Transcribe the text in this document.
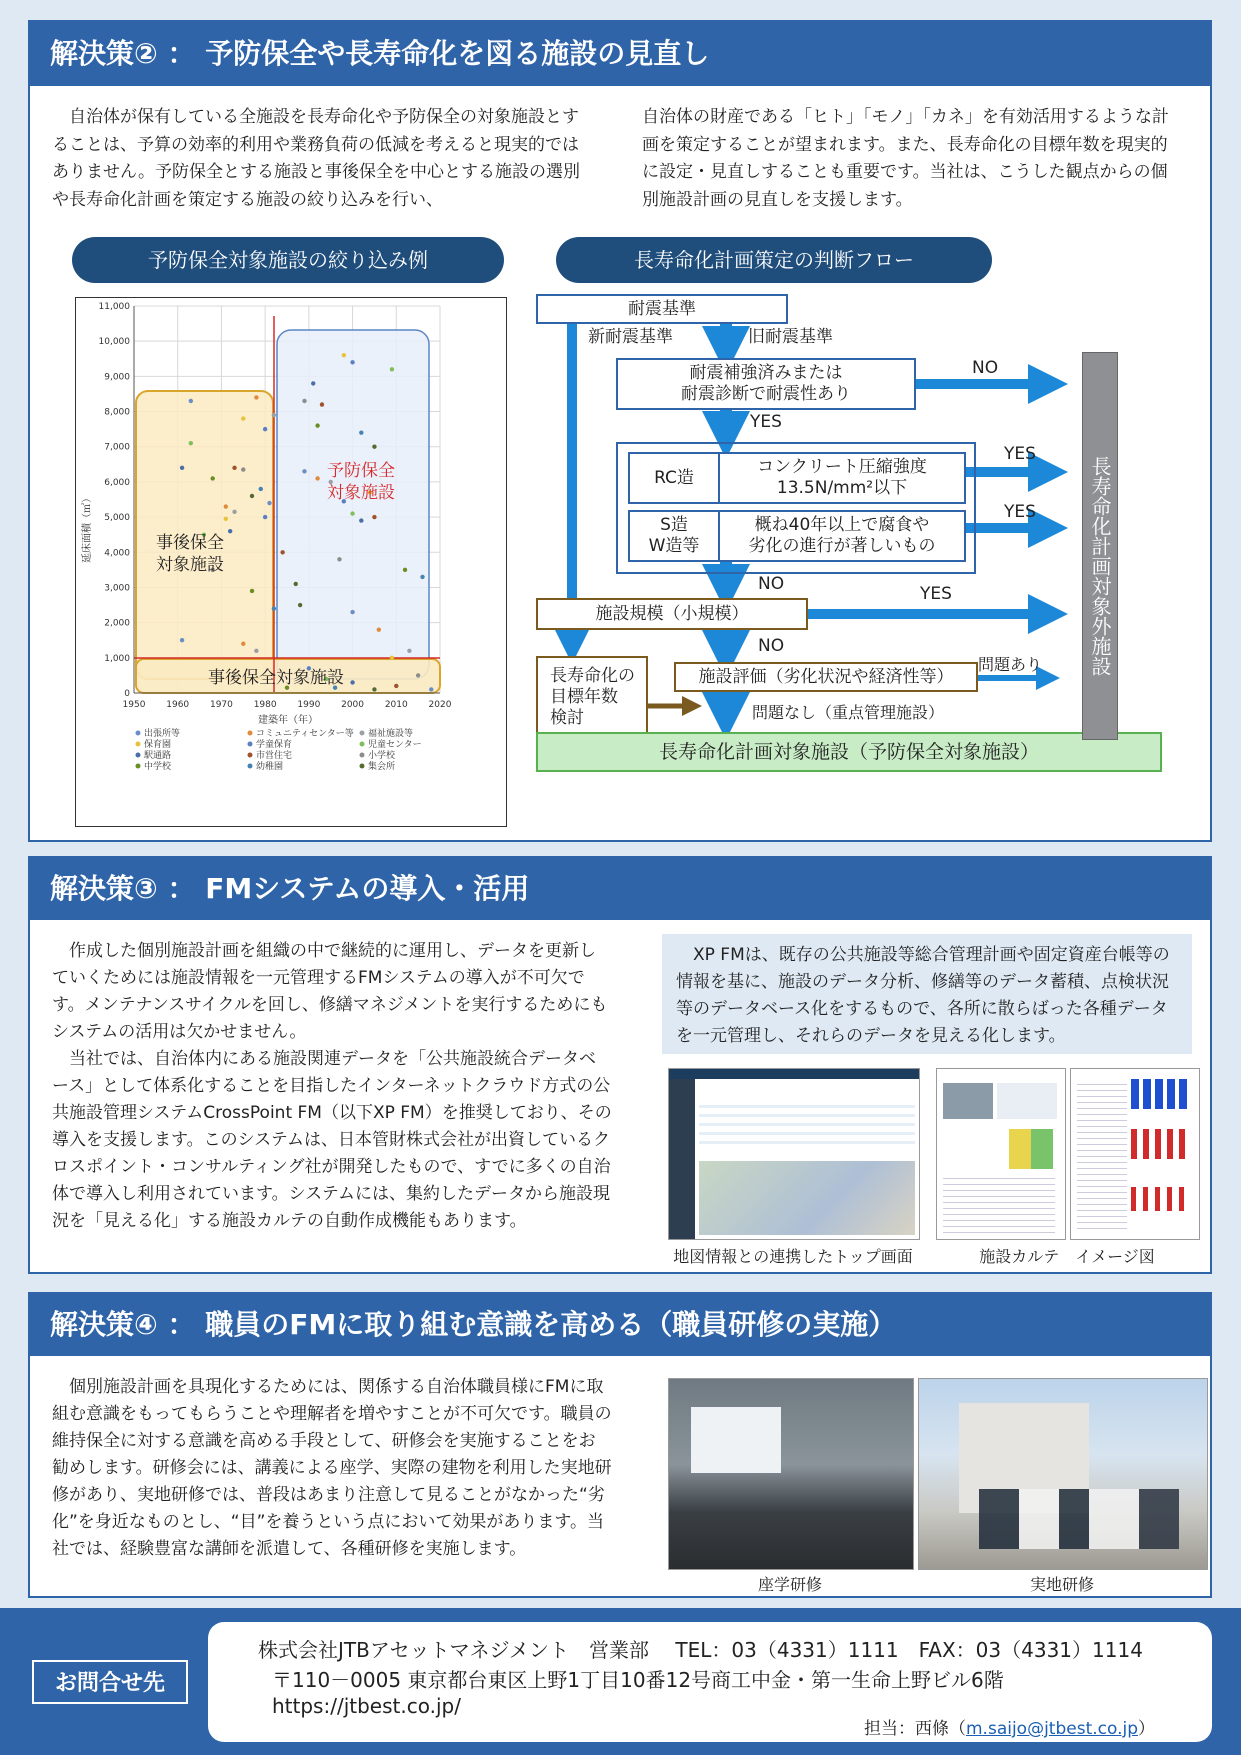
解決策② ： 予防保全や長寿命化を図る施設の見直し
　自治体が保有している全施設を長寿命化や予防保全の対象施設とすることは、予算の効率的利用や業務負荷の低減を考えると現実的ではありません。予防保全とする施設と事後保全を中心とする施設の選別や長寿命化計画を策定する施設の絞り込みを行い、
自治体の財産である「ヒト」「モノ」「カネ」を有効活用するような計画を策定することが望まれます。また、長寿命化の目標年数を現実的に設定・見直しすることも重要です。当社は、こうした観点からの個別施設計画の見直しを支援します。
予防保全対象施設の絞り込み例	長寿命化計画策定の判断フロー
0
1,000
2,000
3,000
4,000
5,000
6,000
7,000
8,000
9,000
10,000
11,000
1950 1960 1970 1980 1990 2000 2010 2020
事後保全
対象施設
予防保全
対象施設
事後保全対象施設
建築年（年）
延床面積（㎡）
出張所等	コミュニティセンター等 福祉施設等
保育園	学童保育	児童センター
駅通路	市営住宅	小学校
中学校	幼稚園	集会所
耐震基準
新耐震基準	旧耐震基準
耐震補強済みまたは
耐震診断で耐震性あり
NO
YES
RC造
コンクリート圧縮強度
13.5N/mm²以下
YES
S造
W造等
概ね40年以上で腐食や
劣化の進行が著しいもの
YES
NO
施設規模（小規模）
YES
NO
長寿命化の
目標年数
検討
施設評価（劣化状況や経済性等）
問題あり
問題なし（重点管理施設）
長寿命化計画対象施設（予防保全対象施設）
長寿命化計画対象外施設
解決策③ ： FMシステムの導入・活用
　作成した個別施設計画を組織の中で継続的に運用し、データを更新していくためには施設情報を一元管理するFMシステムの導入が不可欠です。メンテナンスサイクルを回し、修繕マネジメントを実行するためにもシステムの活用は欠かせません。
　当社では、自治体内にある施設関連データを「公共施設統合データベース」として体系化することを目指したインターネットクラウド方式の公共施設管理システムCrossPoint FM（以下XP FM）を推奨しており、その導入を支援します。このシステムは、日本管財株式会社が出資しているクロスポイント・コンサルティング社が開発したもので、すでに多くの自治体で導入し利用されています。システムには、集約したデータから施設現況を「見える化」する施設カルテの自動作成機能もあります。
　XP FMは、既存の公共施設等総合管理計画や固定資産台帳等の情報を基に、施設のデータ分析、修繕等のデータ蓄積、点検状況等のデータベース化をするもので、各所に散らばった各種データを一元管理し、それらのデータを見える化します。
地図情報との連携したトップ画面	施設カルテ　イメージ図
解決策④ ： 職員のFMに取り組む意識を高める（職員研修の実施）
　個別施設計画を具現化するためには、関係する自治体職員様にFMに取組む意識をもってもらうことや理解者を増やすことが不可欠です。職員の維持保全に対する意識を高める手段として、研修会を実施することをお勧めします。研修会には、講義による座学、実際の建物を利用した実地研修があり、実地研修では、普段はあまり注意して見ることがなかった“劣化”を身近なものとし、“目”を養うという点において効果があります。当社では、経験豊富な講師を派遣して、各種研修を実施します。
座学研修	実地研修
お問合せ先
株式会社JTBアセットマネジメント　営業部　 TEL：03（4331）1111　FAX：03（4331）1114
〒110－0005 東京都台東区上野1丁目10番12号商工中金・第一生命上野ビル6階
https://jtbest.co.jp/
担当：西條（m.saijo@jtbest.co.jp）
